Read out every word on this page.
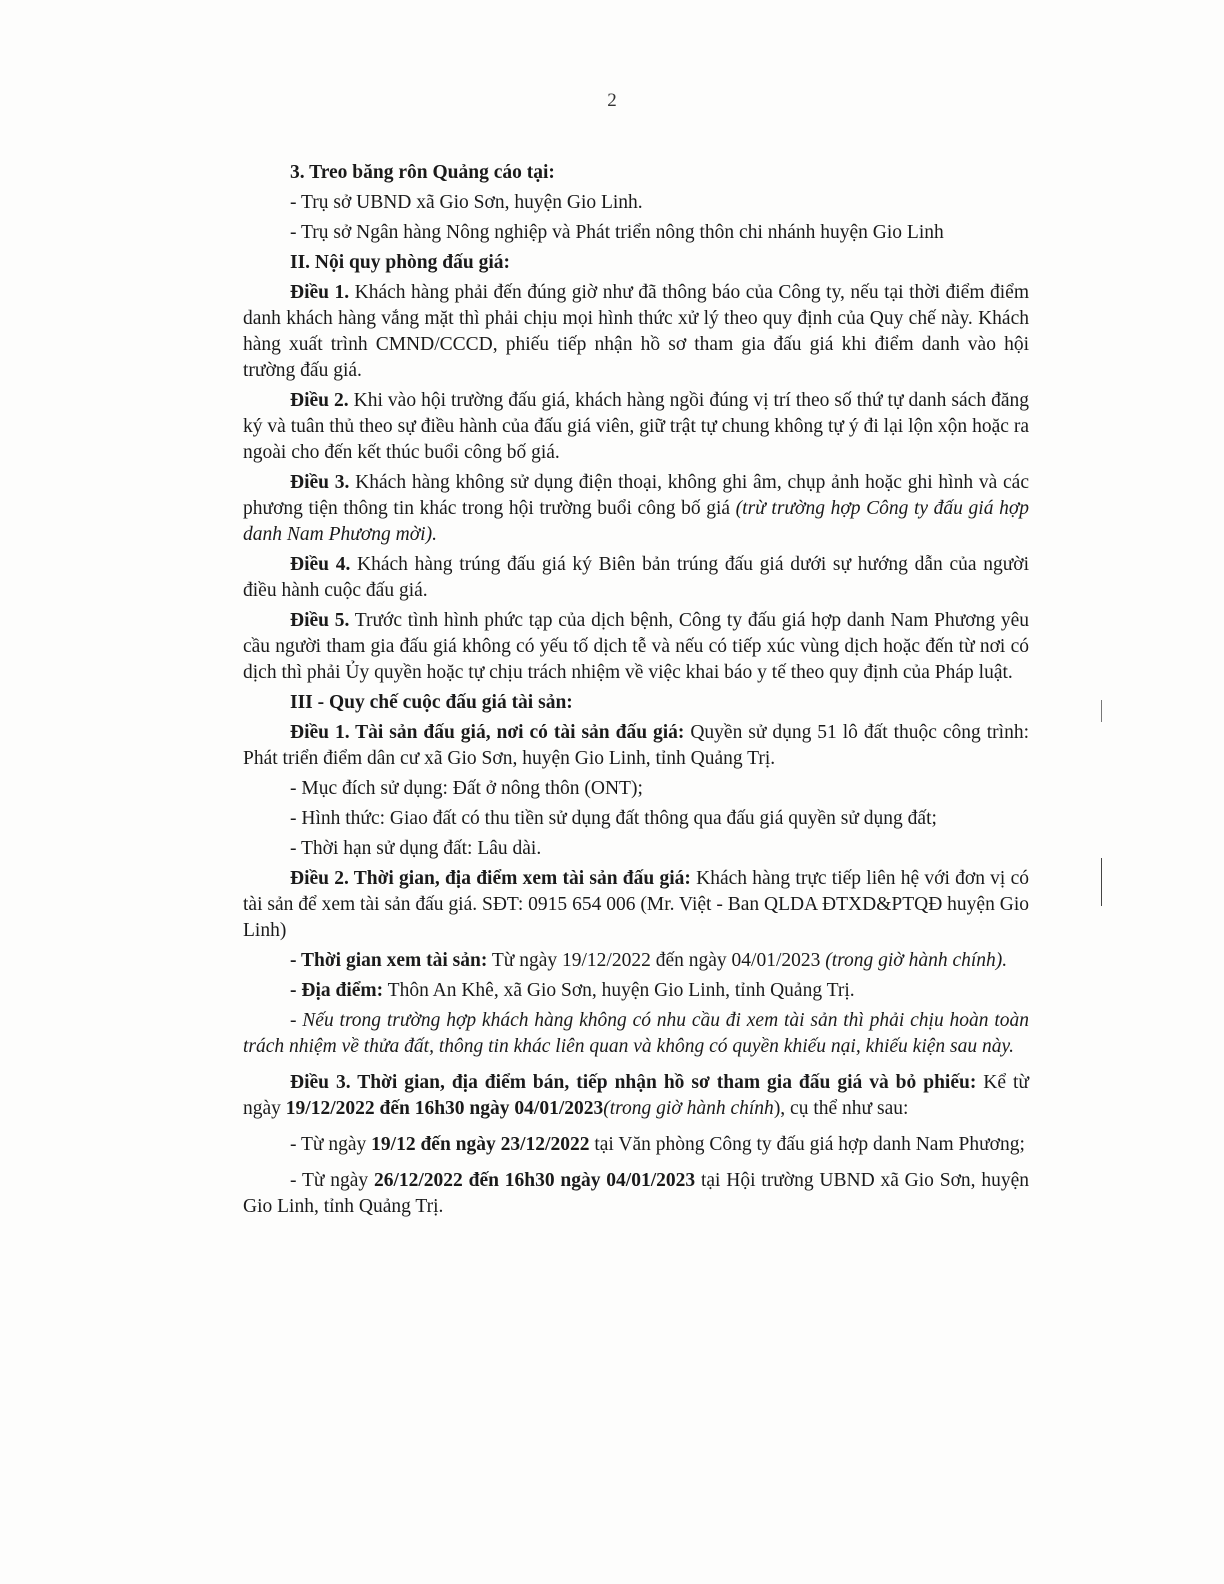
2

3. Treo băng rôn Quảng cáo tại:

- Trụ sở UBND xã Gio Sơn, huyện Gio Linh.

- Trụ sở Ngân hàng Nông nghiệp và Phát triển nông thôn chi nhánh huyện Gio Linh

II. Nội quy phòng đấu giá:

Điều 1. Khách hàng phải đến đúng giờ như đã thông báo của Công ty, nếu tại thời điểm điểm danh khách hàng vắng mặt thì phải chịu mọi hình thức xử lý theo quy định của Quy chế này. Khách hàng xuất trình CMND/CCCD, phiếu tiếp nhận hồ sơ tham gia đấu giá khi điểm danh vào hội trường đấu giá.

Điều 2. Khi vào hội trường đấu giá, khách hàng ngồi đúng vị trí theo số thứ tự danh sách đăng ký và tuân thủ theo sự điều hành của đấu giá viên, giữ trật tự chung không tự ý đi lại lộn xộn hoặc ra ngoài cho đến kết thúc buổi công bố giá.

Điều 3. Khách hàng không sử dụng điện thoại, không ghi âm, chụp ảnh hoặc ghi hình và các phương tiện thông tin khác trong hội trường buổi công bố giá (trừ trường hợp Công ty đấu giá hợp danh Nam Phương mời).

Điều 4. Khách hàng trúng đấu giá ký Biên bản trúng đấu giá dưới sự hướng dẫn của người điều hành cuộc đấu giá.

Điều 5. Trước tình hình phức tạp của dịch bệnh, Công ty đấu giá hợp danh Nam Phương yêu cầu người tham gia đấu giá không có yếu tố dịch tễ và nếu có tiếp xúc vùng dịch hoặc đến từ nơi có dịch thì phải Ủy quyền hoặc tự chịu trách nhiệm về việc khai báo y tế theo quy định của Pháp luật.

III - Quy chế cuộc đấu giá tài sản:

Điều 1. Tài sản đấu giá, nơi có tài sản đấu giá: Quyền sử dụng 51 lô đất thuộc công trình: Phát triển điểm dân cư xã Gio Sơn, huyện Gio Linh, tỉnh Quảng Trị.

- Mục đích sử dụng: Đất ở nông thôn (ONT);

- Hình thức: Giao đất có thu tiền sử dụng đất thông qua đấu giá quyền sử dụng đất;

- Thời hạn sử dụng đất: Lâu dài.

Điều 2. Thời gian, địa điểm xem tài sản đấu giá: Khách hàng trực tiếp liên hệ với đơn vị có tài sản để xem tài sản đấu giá. SĐT: 0915 654 006 (Mr. Việt - Ban QLDA ĐTXD&PTQĐ huyện Gio Linh)

- Thời gian xem tài sản: Từ ngày 19/12/2022 đến ngày 04/01/2023 (trong giờ hành chính).

- Địa điểm: Thôn An Khê, xã Gio Sơn, huyện Gio Linh, tỉnh Quảng Trị.

- Nếu trong trường hợp khách hàng không có nhu cầu đi xem tài sản thì phải chịu hoàn toàn trách nhiệm về thửa đất, thông tin khác liên quan và không có quyền khiếu nại, khiếu kiện sau này.

Điều 3. Thời gian, địa điểm bán, tiếp nhận hồ sơ tham gia đấu giá và bỏ phiếu: Kể từ ngày 19/12/2022 đến 16h30 ngày 04/01/2023(trong giờ hành chính), cụ thể như sau:

- Từ ngày 19/12 đến ngày 23/12/2022 tại Văn phòng Công ty đấu giá hợp danh Nam Phương;

- Từ ngày 26/12/2022 đến 16h30 ngày 04/01/2023 tại Hội trường UBND xã Gio Sơn, huyện Gio Linh, tỉnh Quảng Trị.
